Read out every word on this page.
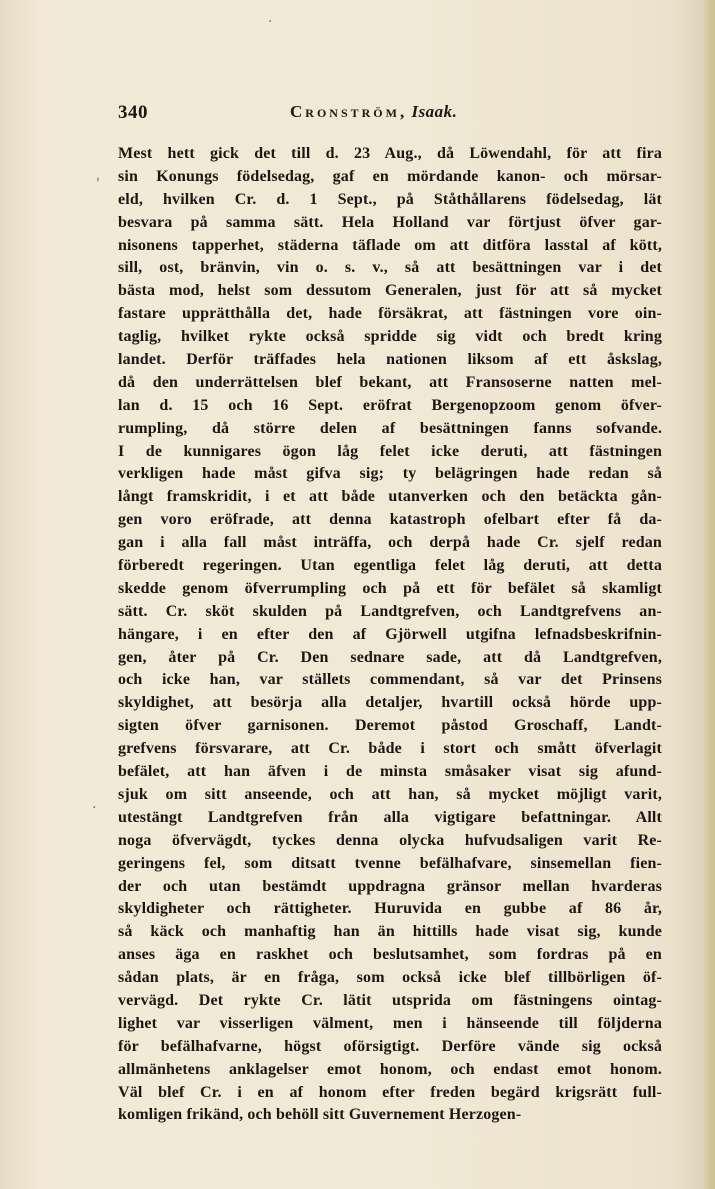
·
'
·
340	Cronström, Isaak.
Mest hett gick det till d. 23 Aug., då Löwendahl, för att fira
sin Konungs födelsedag, gaf en mördande kanon- och mörsar-
eld, hvilken Cr. d. 1 Sept., på Ståthållarens födelsedag, lät
besvara på samma sätt. Hela Holland var förtjust öfver gar-
nisonens tapperhet, städerna täflade om att ditföra lasstal af kött,
sill, ost, bränvin, vin o. s. v., så att besättningen var i det
bästa mod, helst som dessutom Generalen, just för att så mycket
fastare upprätthålla det, hade försäkrat, att fästningen vore oin-
taglig, hvilket rykte också spridde sig vidt och bredt kring
landet. Derför träffades hela nationen liksom af ett åskslag,
då den underrättelsen blef bekant, att Fransoserne natten mel-
lan d. 15 och 16 Sept. eröfrat Bergenopzoom genom öfver-
rumpling, då större delen af besättningen fanns sofvande.
I de kunnigares ögon låg felet icke deruti, att fästningen
verkligen hade måst gifva sig; ty belägringen hade redan så
långt framskridit, i et att både utanverken och den betäckta gån-
gen voro eröfrade, att denna katastroph ofelbart efter få da-
gan i alla fall måst inträffa, och derpå hade Cr. sjelf redan
förberedt regeringen. Utan egentliga felet låg deruti, att detta
skedde genom öfverrumpling och på ett för befälet så skamligt
sätt. Cr. sköt skulden på Landtgrefven, och Landtgrefvens an-
hängare, i en efter den af Gjörwell utgifna lefnadsbeskrifnin-
gen, åter på Cr. Den sednare sade, att då Landtgrefven,
och icke han, var ställets commendant, så var det Prinsens
skyldighet, att besörja alla detaljer, hvartill också hörde upp-
sigten öfver garnisonen. Deremot påstod Groschaff, Landt-
grefvens försvarare, att Cr. både i stort och smått öfverlagit
befälet, att han äfven i de minsta småsaker visat sig afund-
sjuk om sitt anseende, och att han, så mycket möjligt varit,
utestängt Landtgrefven från alla vigtigare befattningar. Allt
noga öfvervägdt, tyckes denna olycka hufvudsaligen varit Re-
geringens fel, som ditsatt tvenne befälhafvare, sinsemellan fien-
der och utan bestämdt uppdragna gränsor mellan hvarderas
skyldigheter och rättigheter. Huruvida en gubbe af 86 år,
så käck och manhaftig han än hittills hade visat sig, kunde
anses äga en raskhet och beslutsamhet, som fordras på en
sådan plats, är en fråga, som också icke blef tillbörligen öf-
vervägd. Det rykte Cr. lätit utsprida om fästningens ointag-
lighet var visserligen välment, men i hänseende till följderna
för befälhafvarne, högst oförsigtigt. Derföre vände sig också
allmänhetens anklagelser emot honom, och endast emot honom.
Väl blef Cr. i en af honom efter freden begärd krigsrätt full-
komligen frikänd, och behöll sitt Guvernement Herzogen-
